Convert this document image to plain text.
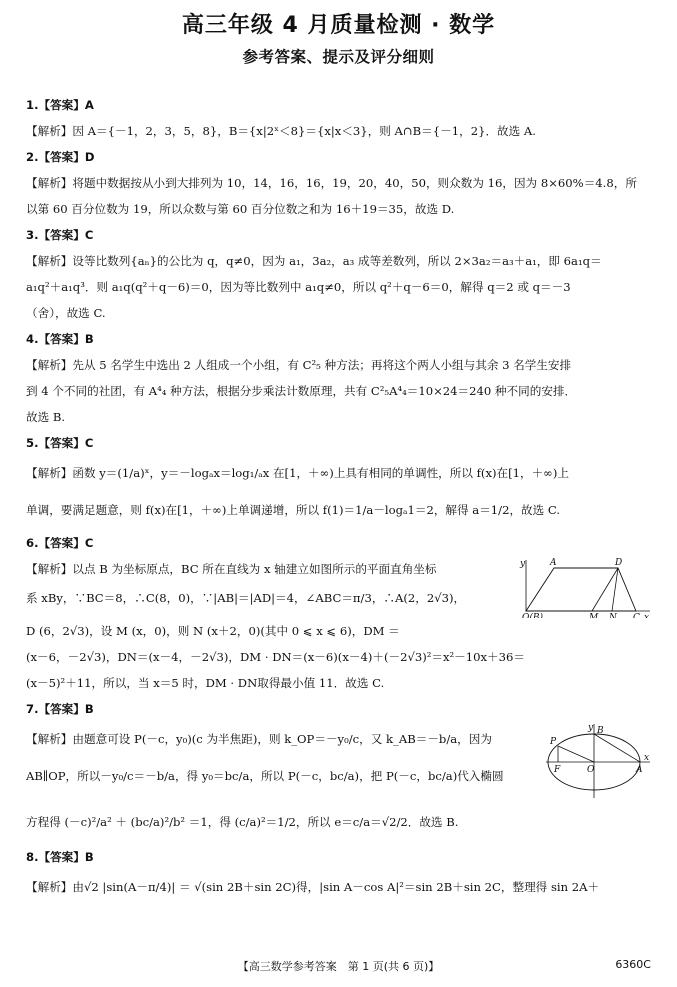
高三年级 4 月质量检测 · 数学
参考答案、提示及评分细则
1.【答案】A
【解析】因 A＝{－1，2，3，5，8}，B＝{x|2ˣ＜8}＝{x|x＜3}，则 A∩B＝{－1，2}．故选 A.
2.【答案】D
【解析】将题中数据按从小到大排列为 10，14，16，16，19，20，40，50，则众数为 16，因为 8×60%＝4.8，所
以第 60 百分位数为 19，所以众数与第 60 百分位数之和为 16＋19＝35，故选 D.
3.【答案】C
【解析】设等比数列{aₙ}的公比为 q，q≠0，因为 a₁，3a₂，a₃ 成等差数列，所以 2×3a₂＝a₃＋a₁，即 6a₁q＝
a₁q²＋a₁q³．则 a₁q(q²＋q－6)＝0，因为等比数列中 a₁q≠0，所以 q²＋q－6＝0，解得 q＝2 或 q＝－3
（舍），故选 C.
4.【答案】B
【解析】先从 5 名学生中选出 2 人组成一个小组，有 C²₅ 种方法；再将这个两人小组与其余 3 名学生安排
到 4 个不同的社团，有 A⁴₄ 种方法，根据分步乘法计数原理，共有 C²₅A⁴₄＝10×24＝240 种不同的安排．
故选 B.
5.【答案】C
【解析】函数 y＝(1/a)ˣ，y＝－logₐx＝log₁/ₐx 在[1，＋∞)上具有相同的单调性，所以 f(x)在[1，＋∞)上
单调，要满足题意，则 f(x)在[1，＋∞)上单调递增，所以 f(1)＝1/a－logₐ1＝2，解得 a＝1/2，故选 C.
6.【答案】C
【解析】以点 B 为坐标原点，BC 所在直线为 x 轴建立如图所示的平面直角坐标
系 xBy，∵BC＝8，∴C(8，0)，∵|AB|＝|AD|＝4，∠ABC＝π/3，∴A(2，2√3)，
y	A	D
O(B)	M N C x
D (6，2√3)，设 M (x，0)，则 N (x＋2，0)(其中 0 ⩽ x ⩽ 6)，DM ＝
(x－6，－2√3)，DN＝(x－4，－2√3)，DM · DN＝(x－6)(x－4)＋(－2√3)²＝x²－10x＋36＝
(x－5)²＋11，所以，当 x＝5 时，DM · DN取得最小值 11．故选 C.
7.【答案】B
【解析】由题意可设 P(－c，y₀)(c 为半焦距)，则 k_OP＝－y₀/c，又 k_AB＝－b/a，因为
AB∥OP，所以－y₀/c＝－b/a，得 y₀＝bc/a，所以 P(－c，bc/a)，把 P(－c，bc/a)代入椭圆
y B
P
F	O	A
x
方程得 (－c)²/a² ＋ (bc/a)²/b² ＝1，得 (c/a)²＝1/2，所以 e＝c/a＝√2/2．故选 B.
8.【答案】B
【解析】由√2 |sin(A－π/4)| ＝ √(sin 2B＋sin 2C)得，|sin A－cos A|²＝sin 2B＋sin 2C，整理得 sin 2A＋
【高三数学参考答案　第 1 页(共 6 页)】	6360C
